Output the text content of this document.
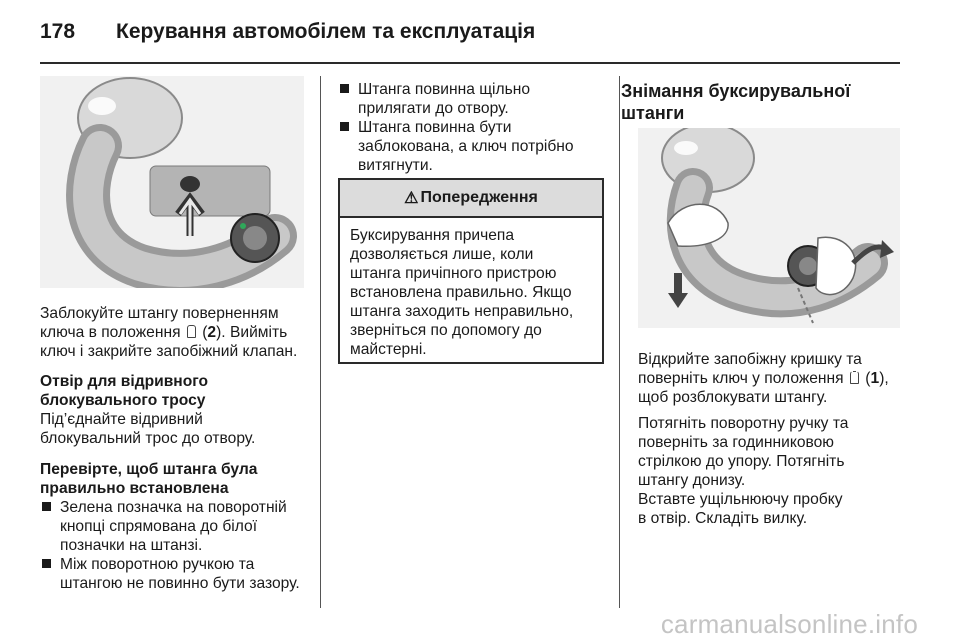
178 Керування автомобілем та експлуатація

Заблокуйте штангу поверненням
ключа в положення (2). Вийміть
ключ і закрийте запобіжний клапан.

Отвір для відривного
блокувального тросу

Під’єднайте відривний
блокувальний трос до отвору.

Перевірте, щоб штанга була
правильно встановлена

Зелена позначка на поворотній
кнопці спрямована до білої
позначки на штанзі.
Між поворотною ручкою та
штангою не повинно бути зазору.
Штанга повинна щільно
прилягати до отвору.
Штанга повинна бути
заблокована, а ключ потрібно
витягнути.
⚠ Попередження
Буксирування причепа
дозволяється лише, коли
штанга причіпного пристрою
встановлена правильно. Якщо
штанга заходить неправильно,
зверніться по допомогу до
майстерні.
Знімання буксирувальної
штанги

Відкрийте запобіжну кришку та
поверніть ключ у положення (1),
щоб розблокувати штангу.

Потягніть поворотну ручку та
поверніть за годинниковою
стрілкою до упору. Потягніть
штангу донизу.

Вставте ущільнюючу пробку
в отвір. Складіть вилку.

carmanualsonline.info
